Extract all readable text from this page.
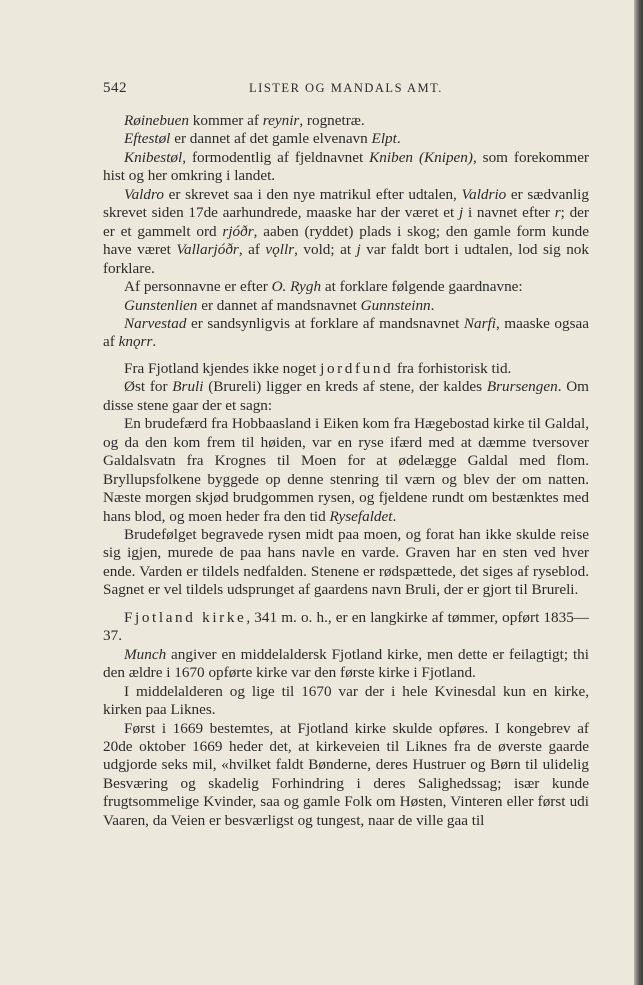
542	LISTER OG MANDALS AMT.

Røinebuen kommer af reynir, rognetræ.

Eftestøl er dannet af det gamle elvenavn Elpt.

Knibestøl, formodentlig af fjeldnavnet Kniben (Knipen), som forekommer hist og her omkring i landet.

Valdro er skrevet saa i den nye matrikul efter udtalen, Valdrio er sædvanlig skrevet siden 17de aarhundrede, maaske har der været et j i navnet efter r; der er et gammelt ord rjóðr, aaben (ryddet) plads i skog; den gamle form kunde have været Vallarjóðr, af vǫllr, vold; at j var faldt bort i udtalen, lod sig nok forklare.

Af personnavne er efter O. Rygh at forklare følgende gaardnavne:

Gunstenlien er dannet af mandsnavnet Gunnsteinn.

Narvestad er sandsynligvis at forklare af mandsnavnet Narfi, maaske ogsaa af knǫrr.

Fra Fjotland kjendes ikke noget jordfund fra forhistorisk tid.

Øst for Bruli (Brureli) ligger en kreds af stene, der kaldes Brursengen. Om disse stene gaar der et sagn:

En brudefærd fra Hobbaasland i Eiken kom fra Hægebostad kirke til Galdal, og da den kom frem til høiden, var en ryse ifærd med at dæmme tversover Galdalsvatn fra Krognes til Moen for at ødelægge Galdal med flom. Bryllupsfolkene byggede op denne stenring til værn og blev der om natten. Næste morgen skjød brudgommen rysen, og fjeldene rundt om bestænktes med hans blod, og moen heder fra den tid Rysefaldet.

Brudefølget begravede rysen midt paa moen, og forat han ikke skulde reise sig igjen, murede de paa hans navle en varde. Graven har en sten ved hver ende. Varden er tildels nedfalden. Stenene er rødspættede, det siges af ryseblod. Sagnet er vel tildels udsprunget af gaardens navn Bruli, der er gjort til Brureli.

Fjotland kirke, 341 m. o. h., er en langkirke af tømmer, opført 1835—37.

Munch angiver en middelaldersk Fjotland kirke, men dette er feilagtigt; thi den ældre i 1670 opførte kirke var den første kirke i Fjotland.

I middelalderen og lige til 1670 var der i hele Kvinesdal kun en kirke, kirken paa Liknes.

Først i 1669 bestemtes, at Fjotland kirke skulde opføres. I kongebrev af 20de oktober 1669 heder det, at kirkeveien til Liknes fra de øverste gaarde udgjorde seks mil, «hvilket faldt Bønderne, deres Hustruer og Børn til ulidelig Besværing og skadelig Forhindring i deres Salighedssag; især kunde frugtsommelige Kvinder, saa og gamle Folk om Høsten, Vinteren eller først udi Vaaren, da Veien er besværligst og tungest, naar de ville gaa til
